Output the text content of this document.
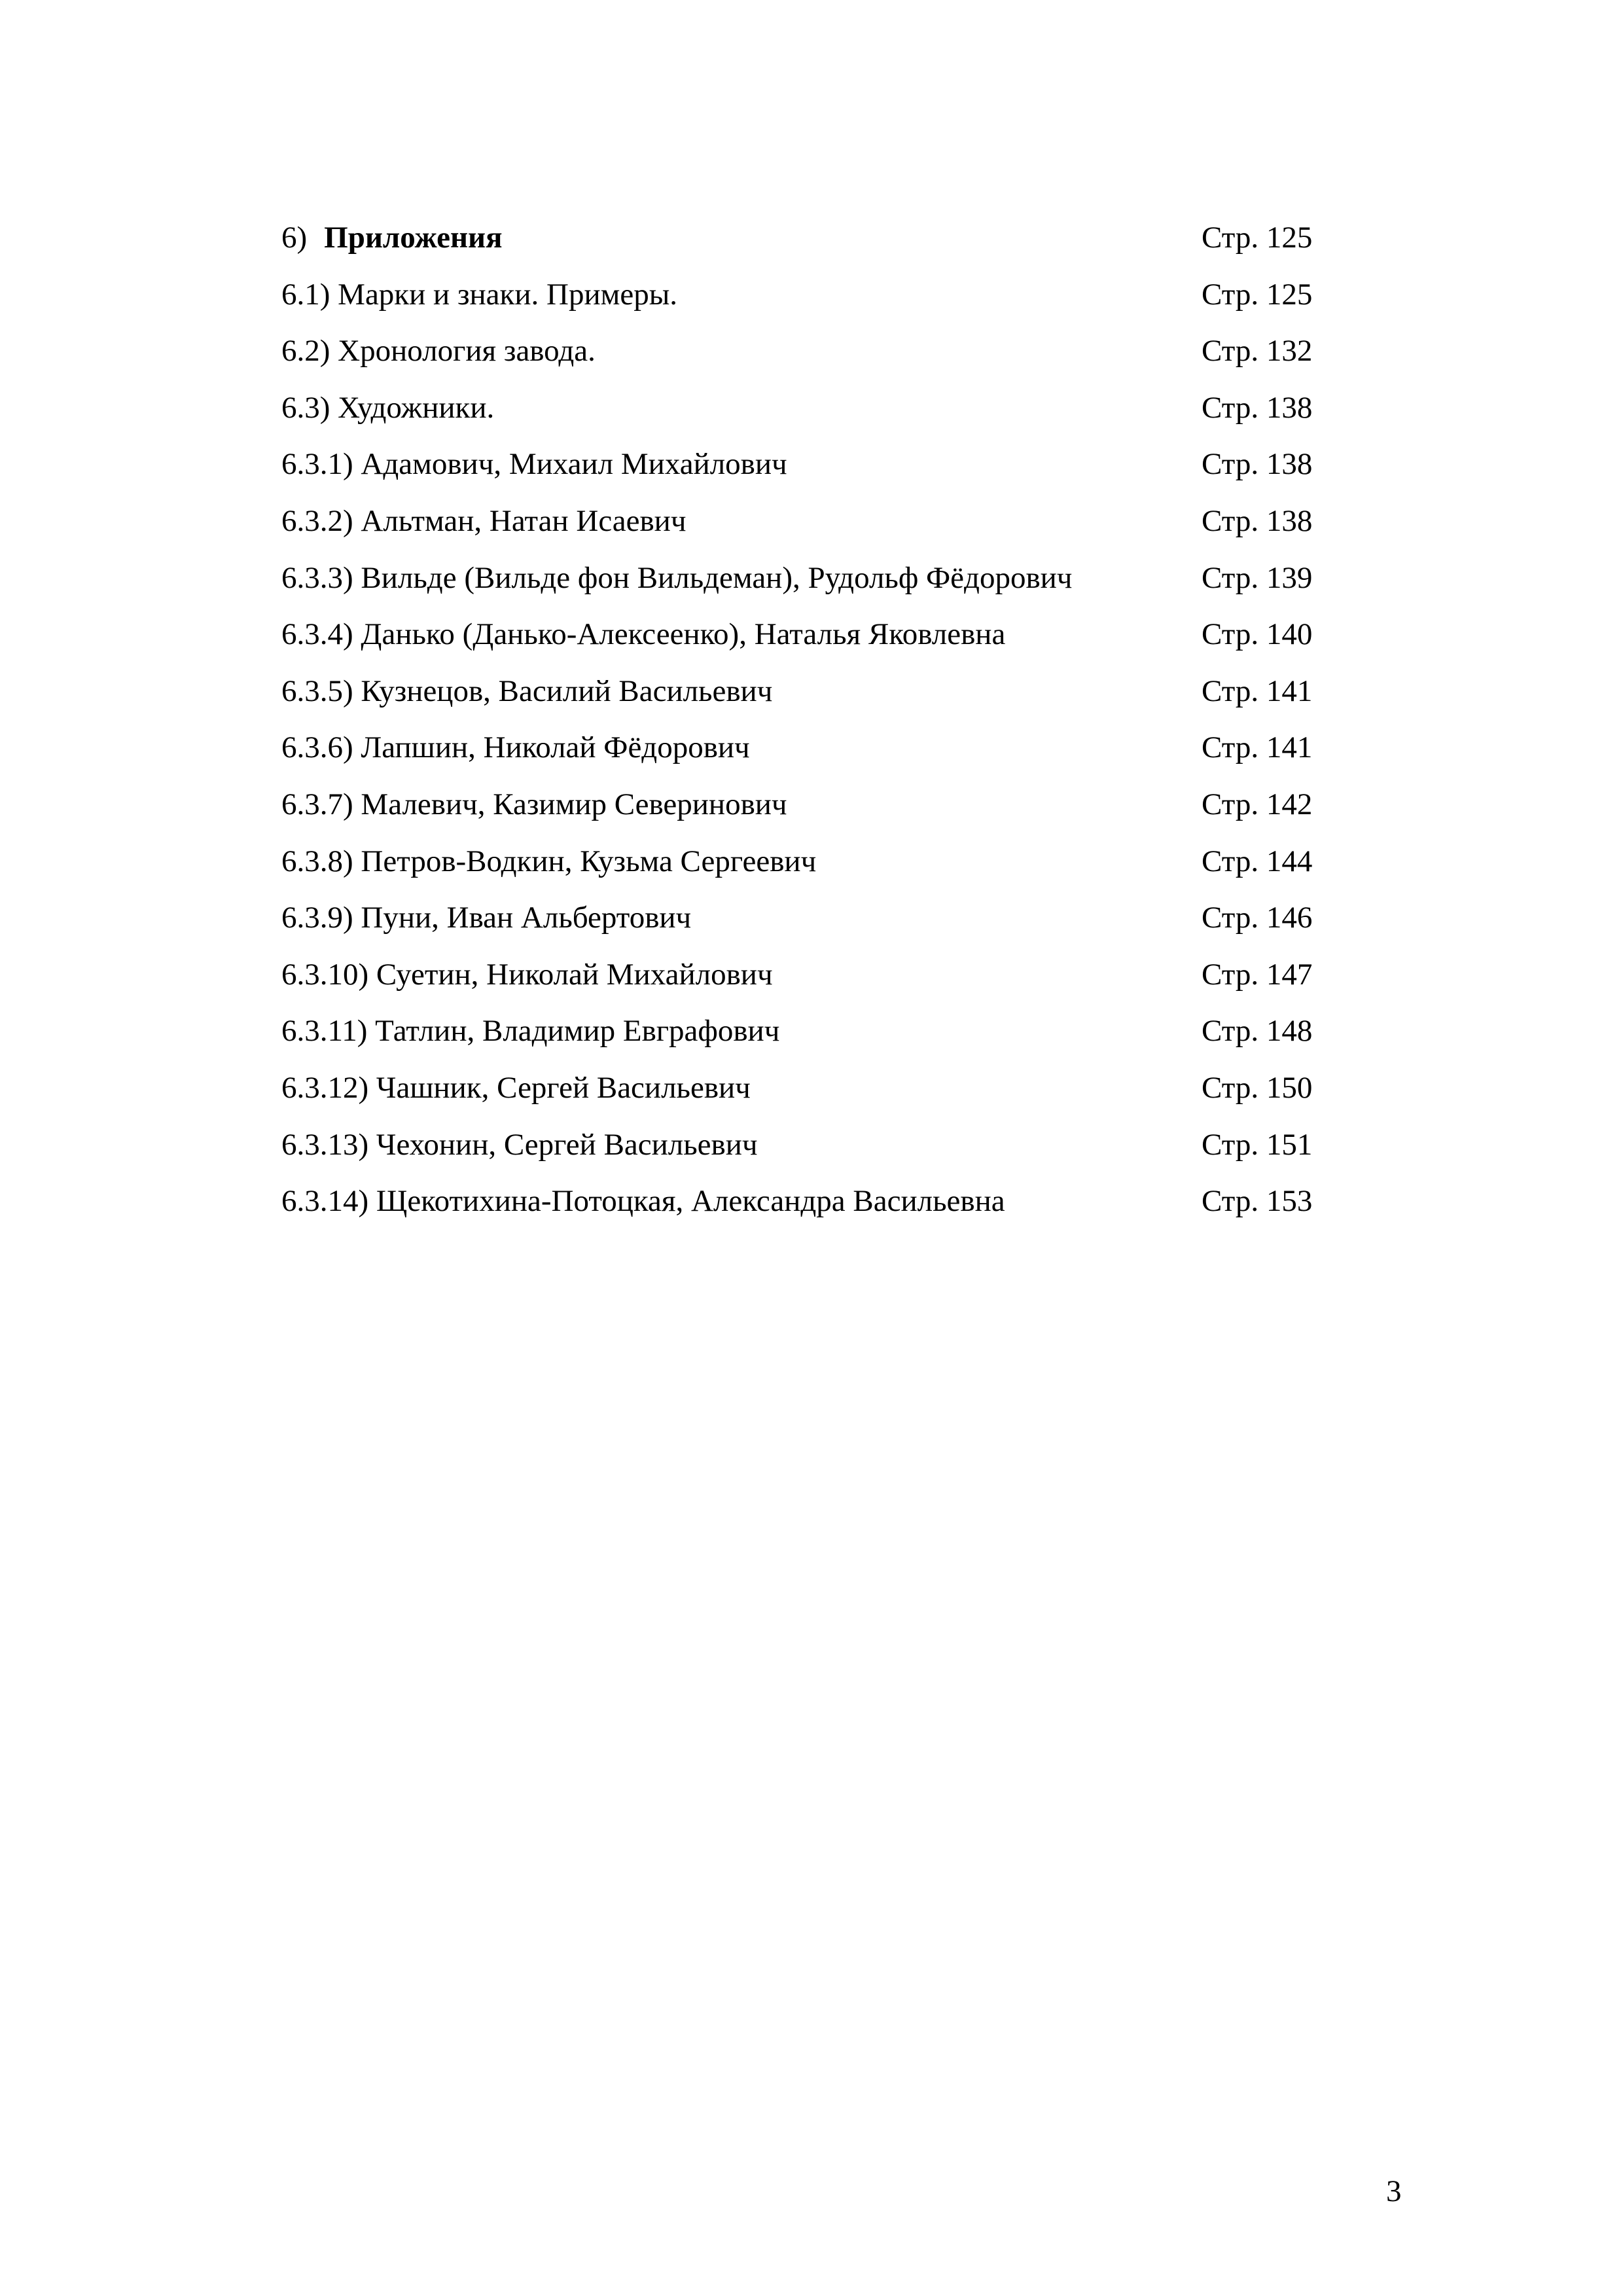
6) Приложения	Стр. 125
6.1) Марки и знаки. Примеры.	Стр. 125
6.2) Хронология завода.	Стр. 132
6.3) Художники.	Стр. 138
6.3.1) Адамович, Михаил Михайлович	Стр. 138
6.3.2) Альтман, Натан Исаевич	Стр. 138
6.3.3) Вильде (Вильде фон Вильдеман), Рудольф Фёдорович	Стр. 139
6.3.4) Данько (Данько-Алексеенко), Наталья Яковлевна	Стр. 140
6.3.5) Кузнецов, Василий Васильевич	Стр. 141
6.3.6) Лапшин, Николай Фёдорович	Стр. 141
6.3.7) Малевич, Казимир Северинович	Стр. 142
6.3.8) Петров-Водкин, Кузьма Сергеевич	Стр. 144
6.3.9) Пуни, Иван Альбертович	Стр. 146
6.3.10) Суетин, Николай Михайлович	Стр. 147
6.3.11) Татлин, Владимир Евграфович	Стр. 148
6.3.12) Чашник, Сергей Васильевич	Стр. 150
6.3.13) Чехонин, Сергей Васильевич	Стр. 151
6.3.14) Щекотихина-Потоцкая, Александра Васильевна	Стр. 153
3
